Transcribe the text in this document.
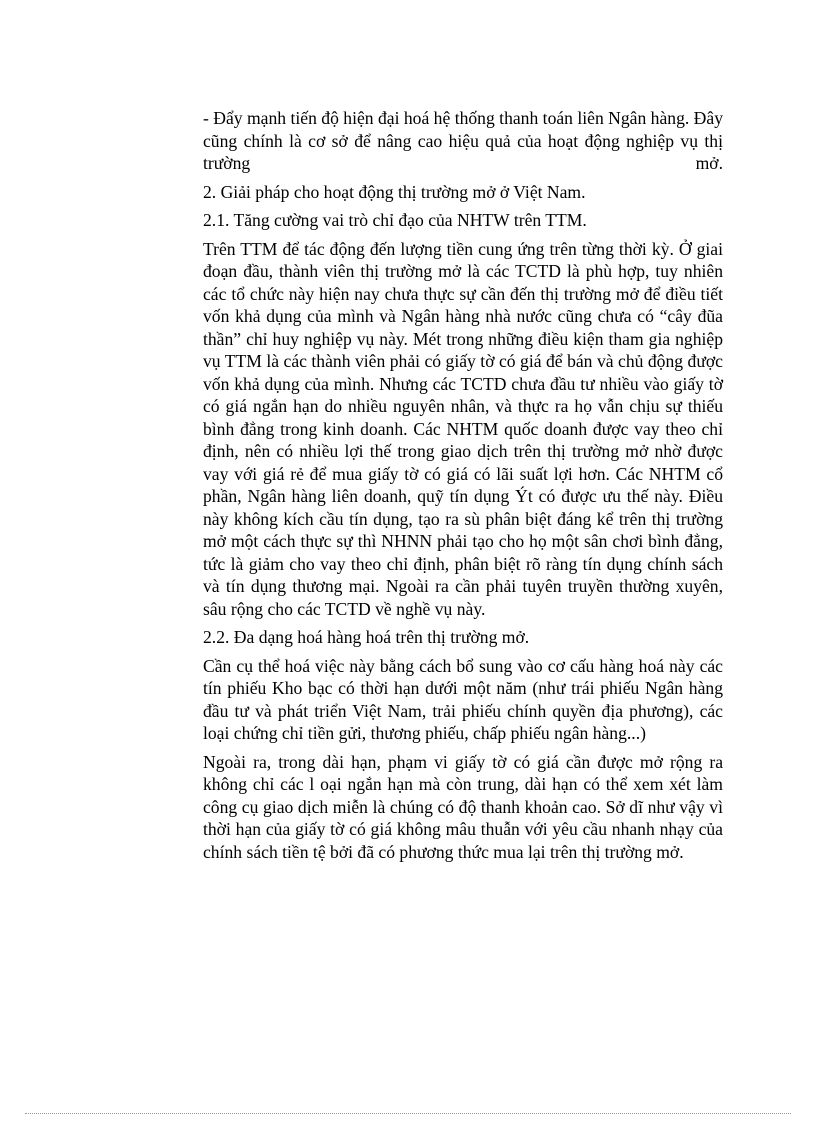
- Đẩy mạnh tiến độ hiện đại hoá hệ thống thanh toán liên Ngân hàng. Đây cũng chính là cơ sở để nâng cao hiệu quả của hoạt động nghiệp vụ thị trường mở.

2. Giải pháp cho hoạt động thị trường mở ở Việt Nam.

2.1. Tăng cường vai trò chỉ đạo của NHTW trên TTM.

Trên TTM để tác động đến lượng tiền cung ứng trên từng thời kỳ. Ở giai đoạn đầu, thành viên thị trường mở là các TCTD là phù hợp, tuy nhiên các tổ chức này hiện nay chưa thực sự cần đến thị trường mở để điều tiết vốn khả dụng của mình và Ngân hàng nhà nước cũng chưa có “cây đũa thần” chỉ huy nghiệp vụ này. Mét trong những điều kiện tham gia nghiệp vụ TTM là các thành viên phải có giấy tờ có giá để bán và chủ động được vốn khả dụng của mình. Nhưng các TCTD chưa đầu tư nhiều vào giấy tờ có giá ngắn hạn do nhiều nguyên nhân, và thực ra họ vẫn chịu sự thiếu bình đẳng trong kinh doanh. Các NHTM quốc doanh được vay theo chỉ định, nên có nhiều lợi thế trong giao dịch trên thị trường mở nhờ được vay với giá rẻ để mua giấy tờ có giá có lãi suất lợi hơn. Các NHTM cổ phần, Ngân hàng liên doanh, quỹ tín dụng Ýt có được ưu thế này. Điều này không kích cầu tín dụng, tạo ra sù phân biệt đáng kể trên thị trường mở một cách thực sự thì NHNN phải tạo cho họ một sân chơi bình đẳng, tức là giảm cho vay theo chỉ định, phân biệt rõ ràng tín dụng chính sách và tín dụng thương mại. Ngoài ra cần phải tuyên truyền thường xuyên, sâu rộng cho các TCTD về nghề vụ này.

2.2. Đa dạng hoá hàng hoá trên thị trường mở.

Cần cụ thể hoá việc này bằng cách bổ sung vào cơ cấu hàng hoá này các tín phiếu Kho bạc có thời hạn dưới một năm (như trái phiếu Ngân hàng đầu tư và phát triển Việt Nam, trải phiếu chính quyền địa phương), các loại chứng chỉ tiền gửi, thương phiếu, chấp phiếu ngân hàng...)

Ngoài ra, trong dài hạn, phạm vi giấy tờ có giá cần được mở rộng ra không chỉ các l oại ngắn hạn mà còn trung, dài hạn có thể xem xét làm công cụ giao dịch miễn là chúng có độ thanh khoản cao. Sở dĩ như vậy vì thời hạn của giấy tờ có giá không mâu thuẫn với yêu cầu nhanh nhạy của chính sách tiền tệ bởi đã có phương thức mua lại trên thị trường mở.
